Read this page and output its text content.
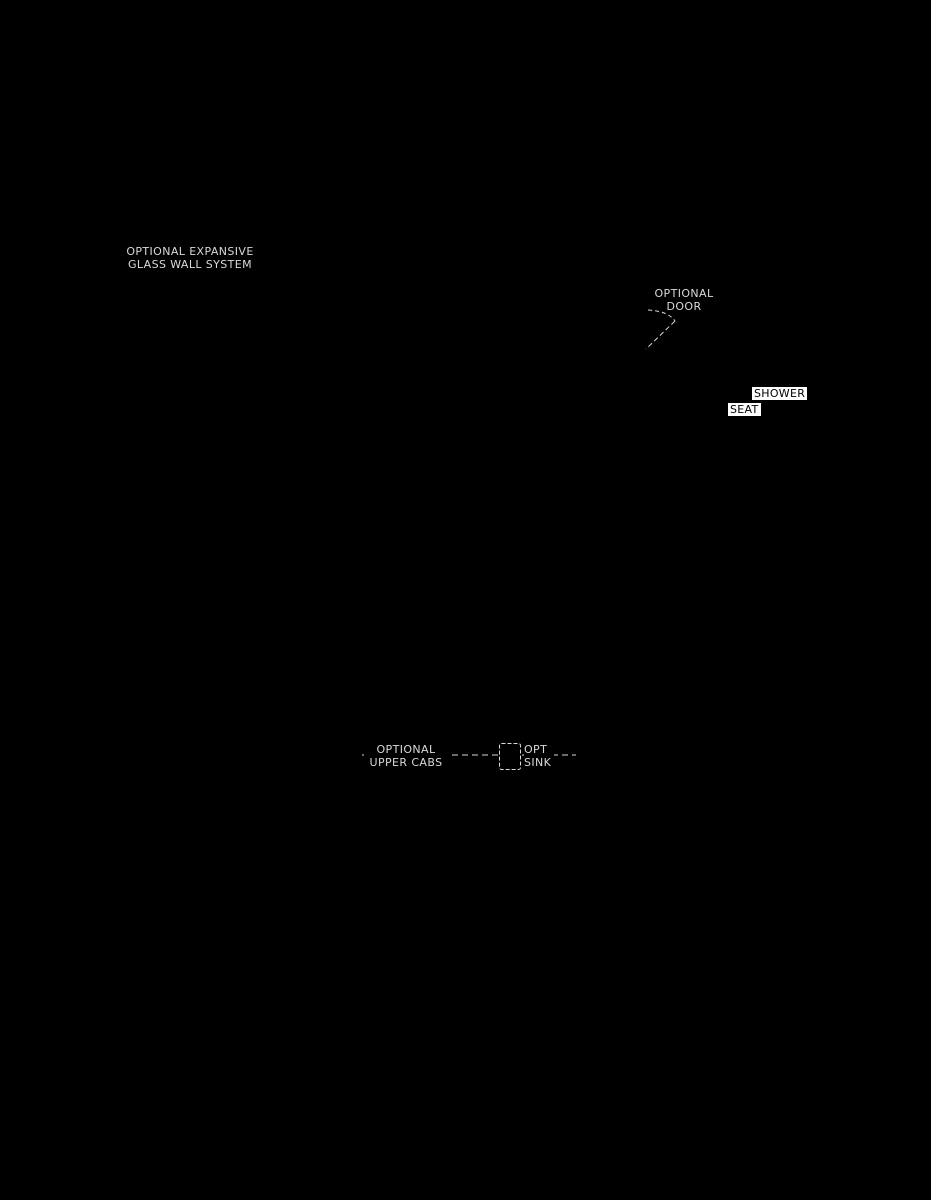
OPTIONAL EXPANSIVE
GLASS WALL SYSTEM
OPTIONAL
DOOR
SHOWER
SEAT
OPTIONAL
UPPER CABS
OPT
SINK
